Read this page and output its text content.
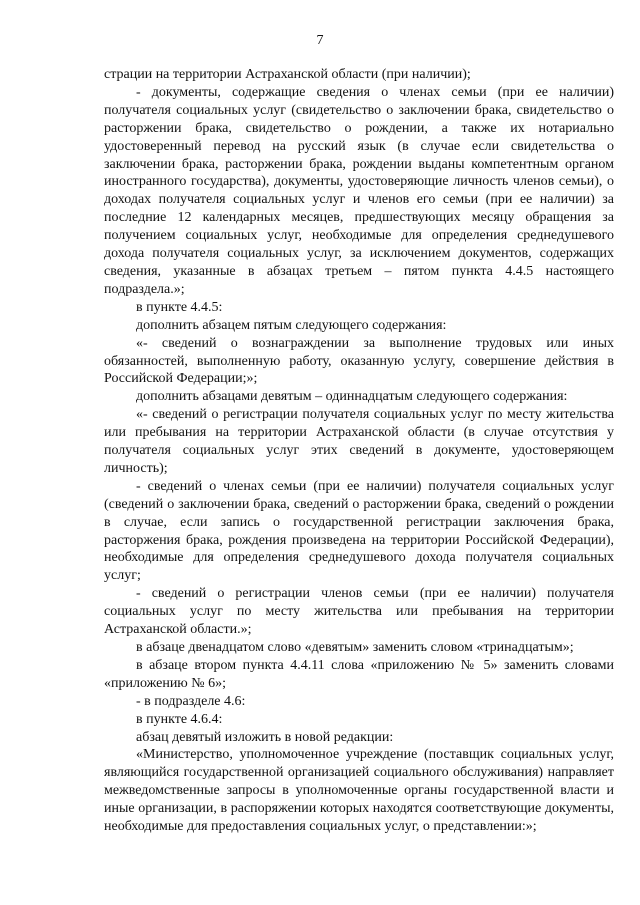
7

страции на территории Астраханской области (при наличии);

- документы, содержащие сведения о членах семьи (при ее наличии) получателя социальных услуг (свидетельство о заключении брака, свидетельство о расторжении брака, свидетельство о рождении, а также их нотариально удостоверенный перевод на русский язык (в случае если свидетельства о заключении брака, расторжении брака, рождении выданы компетентным органом иностранного государства), документы, удостоверяющие личность членов семьи), о доходах получателя социальных услуг и членов его семьи (при ее наличии) за последние 12 календарных месяцев, предшествующих месяцу обращения за получением социальных услуг, необходимые для определения среднедушевого дохода получателя социальных услуг, за исключением документов, содержащих сведения, указанные в абзацах третьем – пятом пункта 4.4.5 настоящего подраздела.»;

в пункте 4.4.5:

дополнить абзацем пятым следующего содержания:

«- сведений о вознаграждении за выполнение трудовых или иных обязанностей, выполненную работу, оказанную услугу, совершение действия в Российской Федерации;»;

дополнить абзацами девятым – одиннадцатым следующего содержания:

«- сведений о регистрации получателя социальных услуг по месту жительства или пребывания на территории Астраханской области (в случае отсутствия у получателя социальных услуг этих сведений в документе, удостоверяющем личность);

- сведений о членах семьи (при ее наличии) получателя социальных услуг (сведений о заключении брака, сведений о расторжении брака, сведений о рождении в случае, если запись о государственной регистрации заключения брака, расторжения брака, рождения произведена на территории Российской Федерации), необходимые для определения среднедушевого дохода получателя социальных услуг;

- сведений о регистрации членов семьи (при ее наличии) получателя социальных услуг по месту жительства или пребывания на территории Астраханской области.»;

в абзаце двенадцатом слово «девятым» заменить словом «тринадцатым»;

в абзаце втором пункта 4.4.11 слова «приложению № 5» заменить словами «приложению № 6»;

- в подразделе 4.6:

в пункте 4.6.4:

абзац девятый изложить в новой редакции:

«Министерство, уполномоченное учреждение (поставщик социальных услуг, являющийся государственной организацией социального обслуживания) направляет межведомственные запросы в уполномоченные органы государственной власти и иные организации, в распоряжении которых находятся соответствующие документы, необходимые для предоставления социальных услуг, о представлении:»;
